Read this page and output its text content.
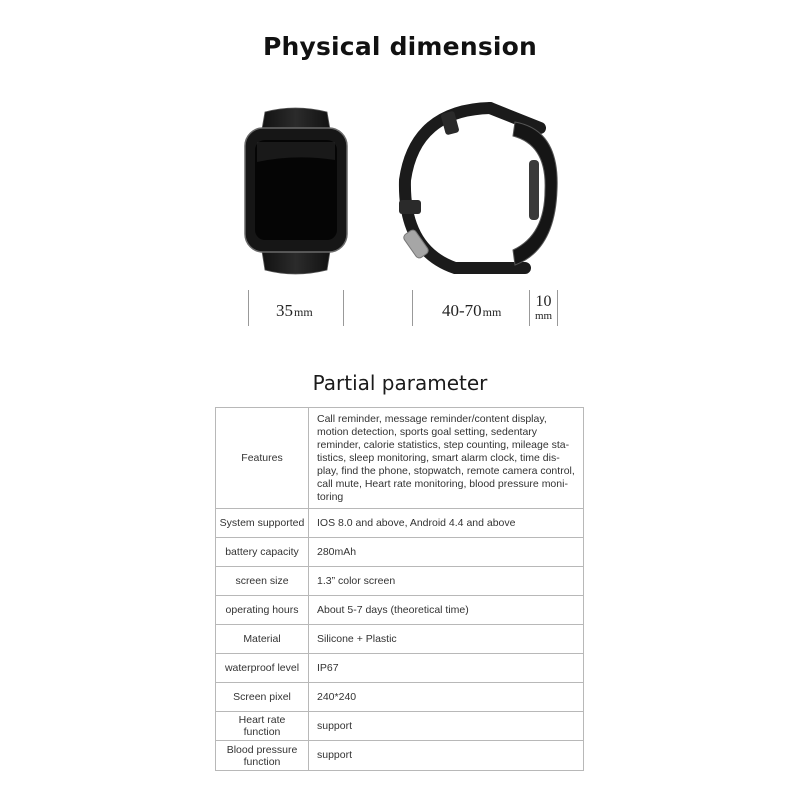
Physical dimension
35mm	40-70mm
10
mm
Partial parameter
Features	Call reminder, message reminder/content display, motion detection, sports goal setting, sedentary reminder, calorie statistics, step counting, mileage sta-tistics, sleep monitoring, smart alarm clock, time dis-play, find the phone, stopwatch, remote camera control, call mute, Heart rate monitoring, blood pressure moni-toring
System supported	IOS 8.0 and above, Android 4.4 and above
battery capacity	280mAh
screen size	1.3” color screen
operating hours	About 5-7 days (theoretical time)
Material	Silicone + Plastic
waterproof level	IP67
Screen pixel	240*240
Heart rate function	support
Blood pressure function	support
